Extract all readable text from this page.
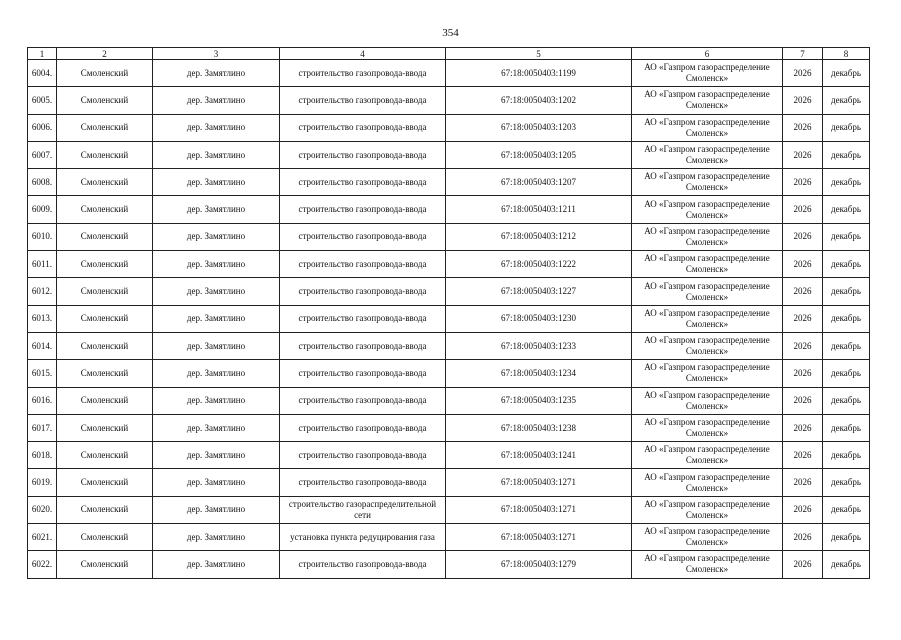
354
1	2	3	4	5	6	7	8
6004.	Смоленский	дер. Замятлино	строительство газопровода-ввода	67:18:0050403:1199	АО «Газпром газораспределение Смоленск»	2026	декабрь
6005.	Смоленский	дер. Замятлино	строительство газопровода-ввода	67:18:0050403:1202	АО «Газпром газораспределение Смоленск»	2026	декабрь
6006.	Смоленский	дер. Замятлино	строительство газопровода-ввода	67:18:0050403:1203	АО «Газпром газораспределение Смоленск»	2026	декабрь
6007.	Смоленский	дер. Замятлино	строительство газопровода-ввода	67:18:0050403:1205	АО «Газпром газораспределение Смоленск»	2026	декабрь
6008.	Смоленский	дер. Замятлино	строительство газопровода-ввода	67:18:0050403:1207	АО «Газпром газораспределение Смоленск»	2026	декабрь
6009.	Смоленский	дер. Замятлино	строительство газопровода-ввода	67:18:0050403:1211	АО «Газпром газораспределение Смоленск»	2026	декабрь
6010.	Смоленский	дер. Замятлино	строительство газопровода-ввода	67:18:0050403:1212	АО «Газпром газораспределение Смоленск»	2026	декабрь
6011.	Смоленский	дер. Замятлино	строительство газопровода-ввода	67:18:0050403:1222	АО «Газпром газораспределение Смоленск»	2026	декабрь
6012.	Смоленский	дер. Замятлино	строительство газопровода-ввода	67:18:0050403:1227	АО «Газпром газораспределение Смоленск»	2026	декабрь
6013.	Смоленский	дер. Замятлино	строительство газопровода-ввода	67:18:0050403:1230	АО «Газпром газораспределение Смоленск»	2026	декабрь
6014.	Смоленский	дер. Замятлино	строительство газопровода-ввода	67:18:0050403:1233	АО «Газпром газораспределение Смоленск»	2026	декабрь
6015.	Смоленский	дер. Замятлино	строительство газопровода-ввода	67:18:0050403:1234	АО «Газпром газораспределение Смоленск»	2026	декабрь
6016.	Смоленский	дер. Замятлино	строительство газопровода-ввода	67:18:0050403:1235	АО «Газпром газораспределение Смоленск»	2026	декабрь
6017.	Смоленский	дер. Замятлино	строительство газопровода-ввода	67:18:0050403:1238	АО «Газпром газораспределение Смоленск»	2026	декабрь
6018.	Смоленский	дер. Замятлино	строительство газопровода-ввода	67:18:0050403:1241	АО «Газпром газораспределение Смоленск»	2026	декабрь
6019.	Смоленский	дер. Замятлино	строительство газопровода-ввода	67:18:0050403:1271	АО «Газпром газораспределение Смоленск»	2026	декабрь
6020.	Смоленский	дер. Замятлино	строительство газораспределительной сети	67:18:0050403:1271	АО «Газпром газораспределение Смоленск»	2026	декабрь
6021.	Смоленский	дер. Замятлино	установка пункта редуцирования газа	67:18:0050403:1271	АО «Газпром газораспределение Смоленск»	2026	декабрь
6022.	Смоленский	дер. Замятлино	строительство газопровода-ввода	67:18:0050403:1279	АО «Газпром газораспределение Смоленск»	2026	декабрь
